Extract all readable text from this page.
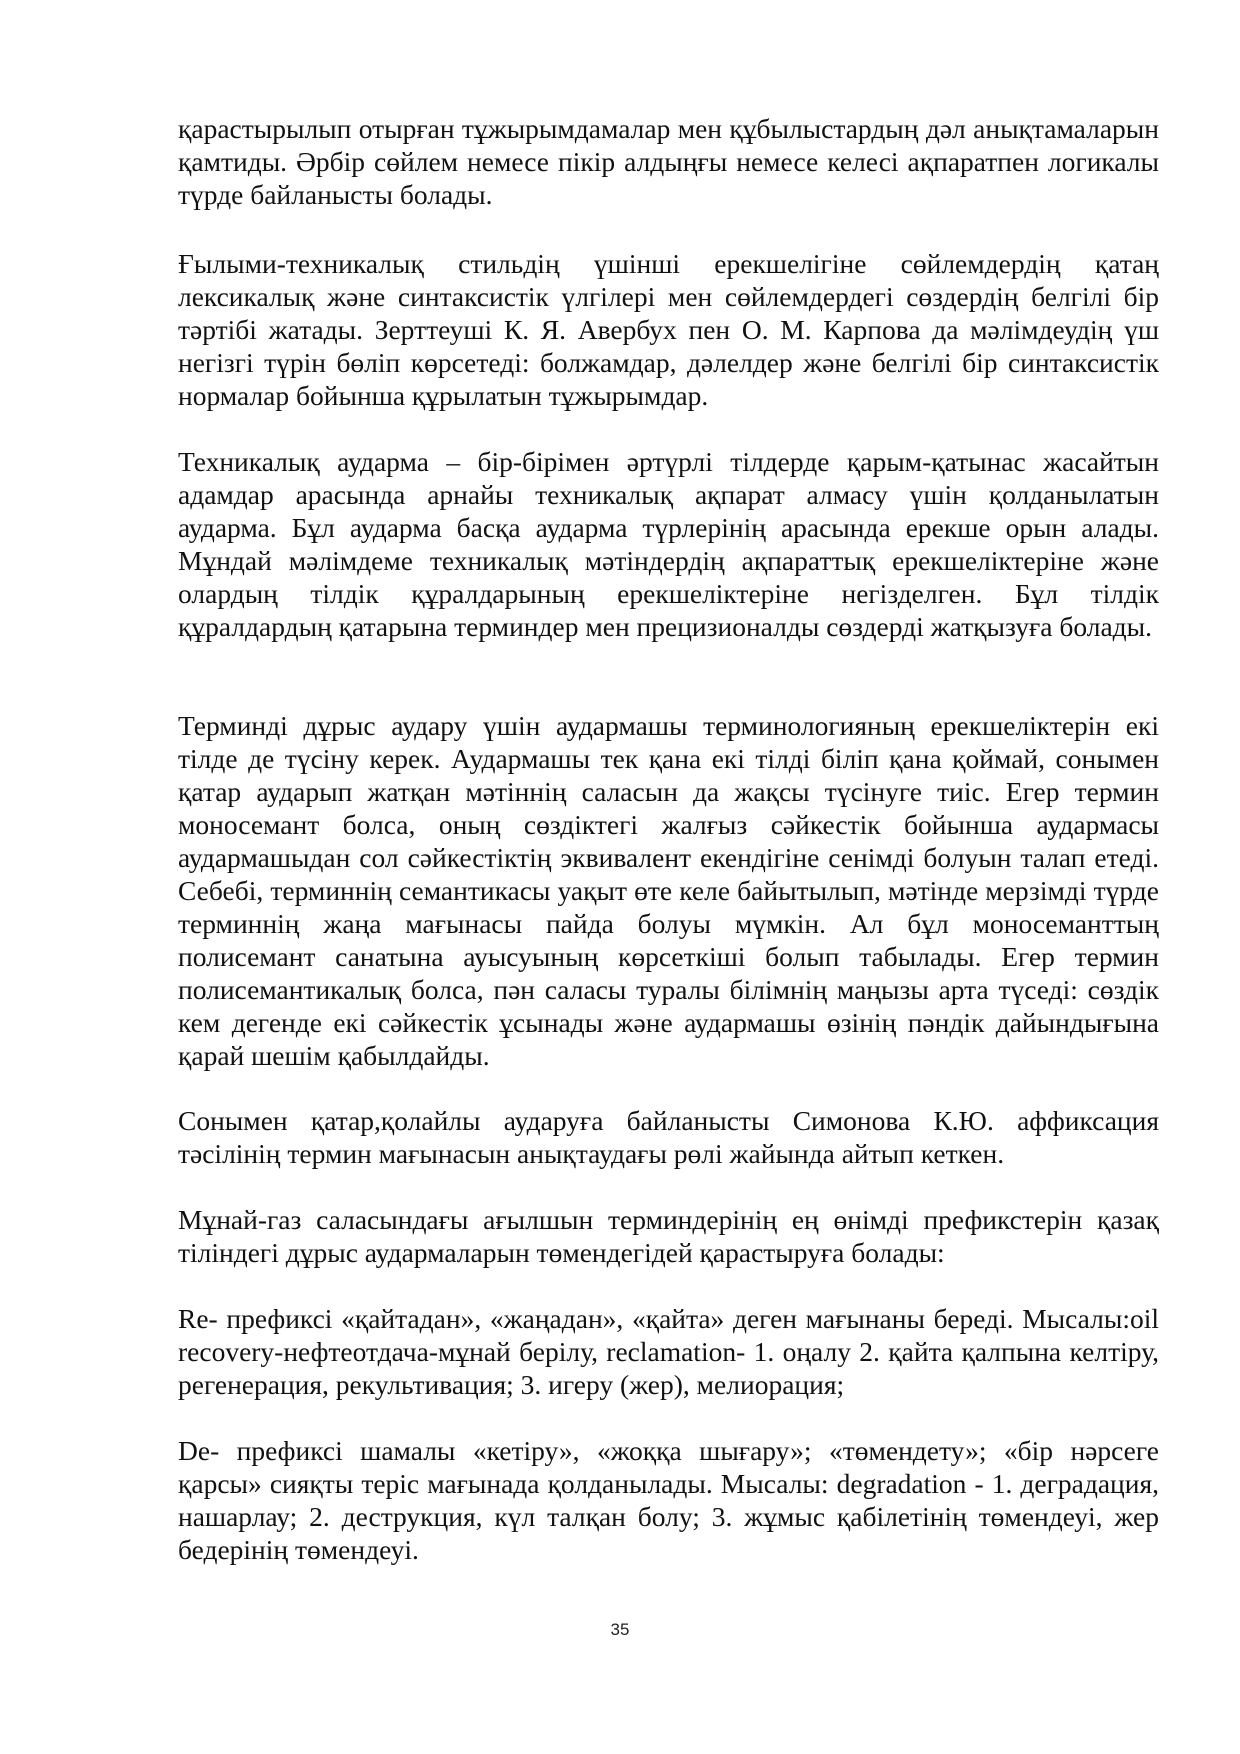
қарастырылып отырған тұжырымдамалар мен құбылыстардың дәл анықтамаларын қамтиды. Әрбір сөйлем немесе пікір алдыңғы немесе келесі ақпаратпен логикалы түрде байланысты болады.

Ғылыми-техникалық стильдің үшінші ерекшелігіне сөйлемдердің қатаң лексикалық және синтаксистік үлгілері мен сөйлемдердегі сөздердің белгілі бір тәртібі жатады. Зерттеуші К. Я. Авербух пен О. М. Карпова да мәлімдеудің үш негізгі түрін бөліп көрсетеді: болжамдар, дәлелдер және белгілі бір синтаксистік нормалар бойынша құрылатын тұжырымдар.

Техникалық аударма – бір-бірімен әртүрлі тілдерде қарым-қатынас жасайтын адамдар арасында арнайы техникалық ақпарат алмасу үшін қолданылатын аударма. Бұл аударма басқа аударма түрлерінің арасында ерекше орын алады. Мұндай мәлімдеме техникалық мәтіндердің ақпараттық ерекшеліктеріне және олардың тілдік құралдарының ерекшеліктеріне негізделген. Бұл тілдік құралдардың қатарына терминдер мен прецизионалды сөздерді жатқызуға болады.

Терминді дұрыс аудару үшін аудармашы терминологияның ерекшеліктерін екі тілде де түсіну керек. Аудармашы тек қана екі тілді біліп қана қоймай, сонымен қатар аударып жатқан мәтіннің саласын да жақсы түсінуге тиіс. Егер термин моносемант болса, оның сөздіктегі жалғыз сәйкестік бойынша аудармасы аудармашыдан сол сәйкестіктің эквивалент екендігіне сенімді болуын талап етеді. Себебі, терминнің семантикасы уақыт өте келе байытылып, мәтінде мерзімді түрде терминнің жаңа мағынасы пайда болуы мүмкін. Ал бұл моносеманттың полисемант санатына ауысуының көрсеткіші болып табылады. Егер термин полисемантикалық болса, пән саласы туралы білімнің маңызы арта түседі: сөздік кем дегенде екі сәйкестік ұсынады және аудармашы өзінің пәндік дайындығына қарай шешім қабылдайды.

Сонымен қатар,қолайлы аударуға байланысты Симонова К.Ю. аффиксация тәсілінің термин мағынасын анықтаудағы рөлі жайында айтып кеткен.

Мұнай-газ саласындағы ағылшын терминдерінің ең өнімді префикстерін қазақ тіліндегі дұрыс аудармаларын төмендегідей қарастыруға болады:

Re- префиксі «қайтадан», «жаңадан», «қайта» деген мағынаны береді. Мысалы:oil recovery-нефтеотдача-мұнай берілу, reclamation- 1. оңалу 2. қайта қалпына келтіру, регенерация, рекультивация; 3. игеру (жер), мелиорация;

De- префиксі шамалы «кетіру», «жоққа шығару»; «төмендету»; «бір нәрсеге қарсы» сияқты теріс мағынада қолданылады. Мысалы: degradation - 1. деградация, нашарлау; 2. деструкция, күл талқан болу; 3. жұмыс қабілетінің төмендеуі, жер бедерінің төмендеуі.

35
